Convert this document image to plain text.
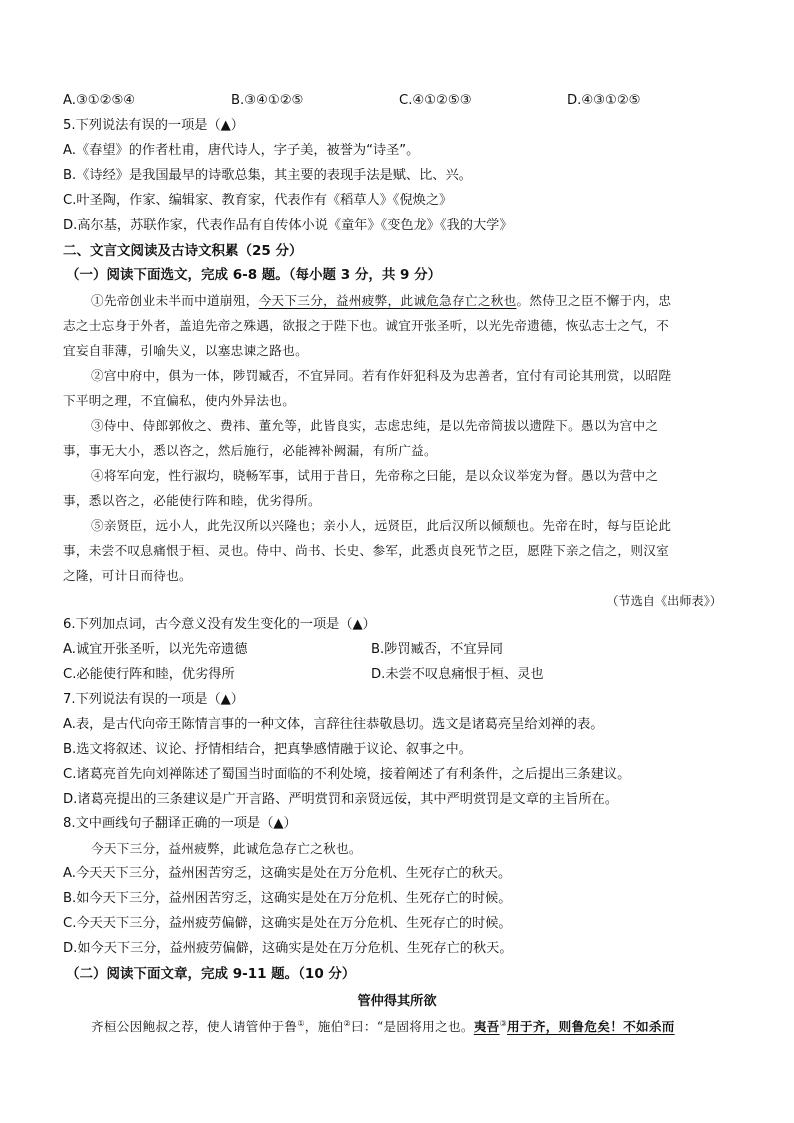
A.③①②⑤④	B.③④①②⑤	C.④①②⑤③	D.④③①②⑤
5.下列说法有误的一项是（▲）
A.《春望》的作者杜甫，唐代诗人，字子美，被誉为“诗圣”。
B.《诗经》是我国最早的诗歌总集，其主要的表现手法是赋、比、兴。
C.叶圣陶，作家、编辑家、教育家，代表作有《稻草人》《倪焕之》
D.高尔基，苏联作家，代表作品有自传体小说《童年》《变色龙》《我的大学》
二、文言文阅读及古诗文积累（25 分）
（一）阅读下面选文，完成 6-8 题。（每小题 3 分，共 9 分）
①先帝创业未半而中道崩殂，今天下三分，益州疲弊，此诚危急存亡之秋也。然侍卫之臣不懈于内，忠
志之士忘身于外者，盖追先帝之殊遇，欲报之于陛下也。诚宜开张圣听，以光先帝遗德，恢弘志士之气，不
宜妄自菲薄，引喻失义，以塞忠谏之路也。
②宫中府中，俱为一体，陟罚臧否，不宜异同。若有作奸犯科及为忠善者，宜付有司论其刑赏，以昭陛
下平明之理，不宜偏私，使内外异法也。
③侍中、侍郎郭攸之、费祎、董允等，此皆良实，志虑忠纯，是以先帝简拔以遗陛下。愚以为宫中之
事，事无大小，悉以咨之，然后施行，必能裨补阙漏，有所广益。
④将军向宠，性行淑均，晓畅军事，试用于昔日，先帝称之曰能，是以众议举宠为督。愚以为营中之
事，悉以咨之，必能使行阵和睦，优劣得所。
⑤亲贤臣，远小人，此先汉所以兴隆也；亲小人，远贤臣，此后汉所以倾颓也。先帝在时，每与臣论此
事，未尝不叹息痛恨于桓、灵也。侍中、尚书、长史、参军，此悉贞良死节之臣，愿陛下亲之信之，则汉室
之隆，可计日而待也。
（节选自《出师表》）
6.下列加点词，古今意义没有发生变化的一项是（▲）
A.诚宜开张圣听，以光先帝遗德	B.陟罚臧否，不宜异同
C.必能使行阵和睦，优劣得所	D.未尝不叹息痛恨于桓、灵也
7.下列说法有误的一项是（▲）
A.表，是古代向帝王陈情言事的一种文体，言辞往往恭敬恳切。选文是诸葛亮呈给刘禅的表。
B.选文将叙述、议论、抒情相结合，把真挚感情融于议论、叙事之中。
C.诸葛亮首先向刘禅陈述了蜀国当时面临的不利处境，接着阐述了有利条件，之后提出三条建议。
D.诸葛亮提出的三条建议是广开言路、严明赏罚和亲贤远佞，其中严明赏罚是文章的主旨所在。
8.文中画线句子翻译正确的一项是（▲）
今天下三分，益州疲弊，此诚危急存亡之秋也。
A.今天天下三分，益州困苦穷乏，这确实是处在万分危机、生死存亡的秋天。
B.如今天下三分，益州困苦穷乏，这确实是处在万分危机、生死存亡的时候。
C.今天天下三分，益州疲劳偏僻，这确实是处在万分危机、生死存亡的时候。
D.如今天下三分，益州疲劳偏僻，这确实是处在万分危机、生死存亡的秋天。
（二）阅读下面文章，完成 9-11 题。（10 分）
管仲得其所欲
齐桓公因鲍叔之荐，使人请管仲于鲁①，施伯②曰：“是固将用之也。夷吾③用于齐，则鲁危矣！不如杀而
